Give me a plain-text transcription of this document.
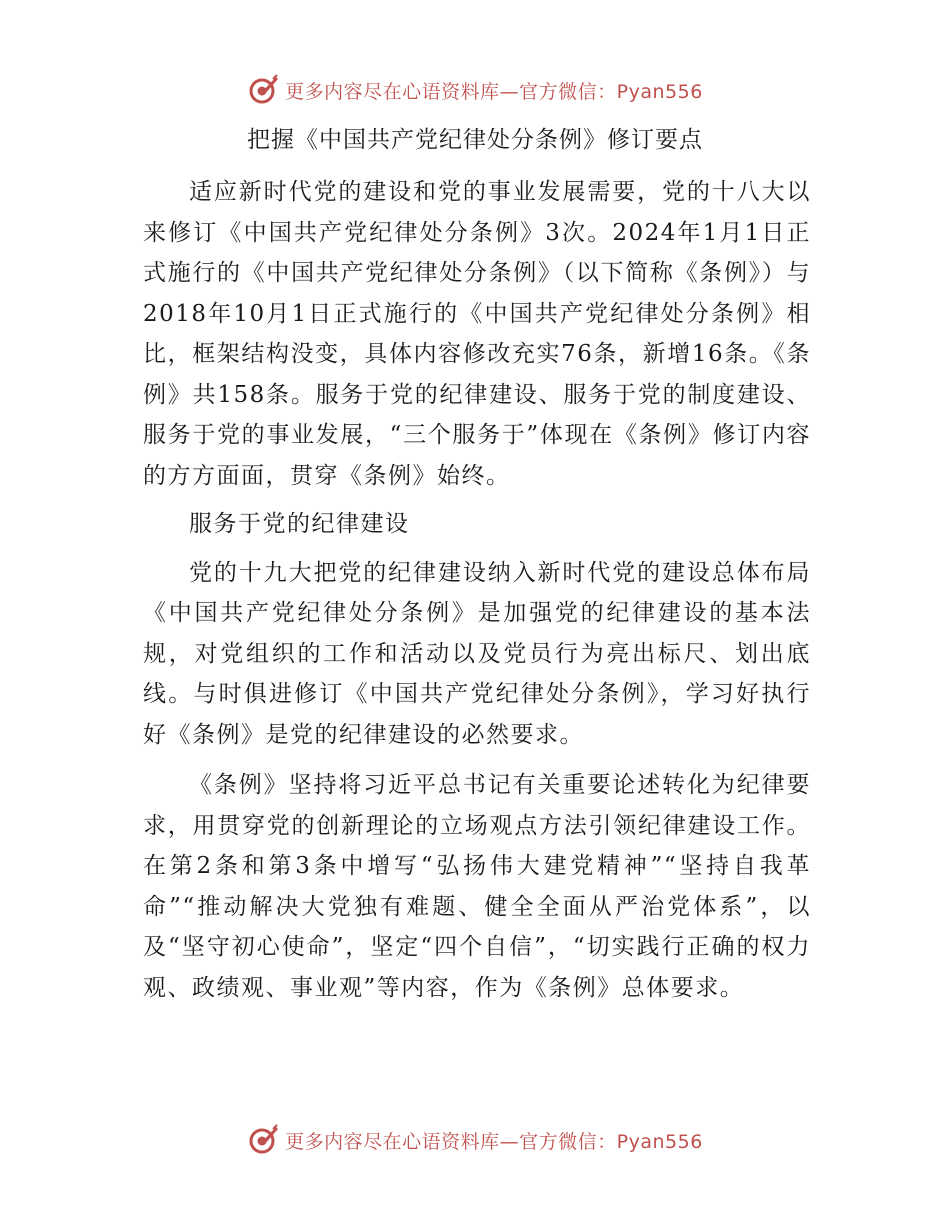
更多内容尽在心语资料库—官方微信：Pyan556
把握《中国共产党纪律处分条例》修订要点

适应新时代党的建设和党的事业发展需要，党的十八大以来修订《中国共产党纪律处分条例》3次。2024年1月1日正式施行的《中国共产党纪律处分条例》（以下简称《条例》）与2018年10月1日正式施行的《中国共产党纪律处分条例》相比，框架结构没变，具体内容修改充实76条，新增16条。《条例》共158条。服务于党的纪律建设、服务于党的制度建设、服务于党的事业发展，“三个服务于”体现在《条例》修订内容的方方面面，贯穿《条例》始终。

服务于党的纪律建设

党的十九大把党的纪律建设纳入新时代党的建设总体布局《中国共产党纪律处分条例》是加强党的纪律建设的基本法规，对党组织的工作和活动以及党员行为亮出标尺、划出底线。与时俱进修订《中国共产党纪律处分条例》，学习好执行好《条例》是党的纪律建设的必然要求。

《条例》坚持将习近平总书记有关重要论述转化为纪律要求，用贯穿党的创新理论的立场观点方法引领纪律建设工作。在第2条和第3条中增写“弘扬伟大建党精神”“坚持自我革命”“推动解决大党独有难题、健全全面从严治党体系”，以及“坚守初心使命”，坚定“四个自信”，“切实践行正确的权力观、政绩观、事业观”等内容，作为《条例》总体要求。

更多内容尽在心语资料库—官方微信：Pyan556
